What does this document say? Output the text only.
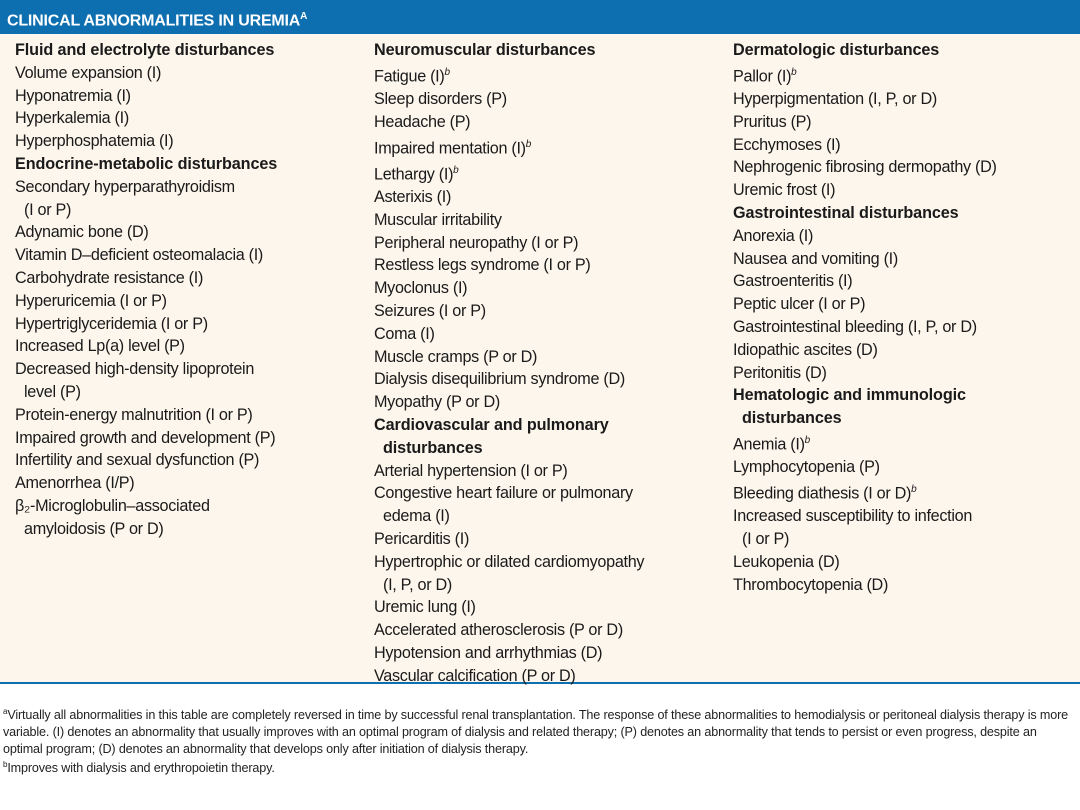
CLINICAL ABNORMALITIES IN $UREMIA^A$
Fluid and electrolyte disturbances
Volume expansion (I)
Hyponatremia (I)
Hyperkalemia (I)
Hyperphosphatemia (I)
Endocrine-metabolic disturbances
Secondary hyperparathyroidism
(I or P)
Adynamic bone (D)
Vitamin D–deficient osteomalacia (I)
Carbohydrate resistance (I)
Hyperuricemia (I or P)
Hypertriglyceridemia (I or P)
Increased Lp(a) level (P)
Decreased high-density lipoprotein
level (P)
Protein-energy malnutrition (I or P)
Impaired growth and development (P)
Infertility and sexual dysfunction (P)
Amenorrhea (I/P)
β₂-Microglobulin–associated
amyloidosis (P or D)
Neuromuscular disturbances
Fatigue $(I)^b$
Sleep disorders (P)
Headache (P)
Impaired mentation $(I)^b$
Lethargy $(I)^b$
Asterixis (I)
Muscular irritability
Peripheral neuropathy (I or P)
Restless legs syndrome (I or P)
Myoclonus (I)
Seizures (I or P)
Coma (I)
Muscle cramps (P or D)
Dialysis disequilibrium syndrome (D)
Myopathy (P or D)
Cardiovascular and pulmonary
disturbances
Arterial hypertension (I or P)
Congestive heart failure or pulmonary
edema (I)
Pericarditis (I)
Hypertrophic or dilated cardiomyopathy
(I, P, or D)
Uremic lung (I)
Accelerated atherosclerosis (P or D)
Hypotension and arrhythmias (D)
Vascular calcification (P or D)
Dermatologic disturbances
Pallor $(I)^b$
Hyperpigmentation (I, P, or D)
Pruritus (P)
Ecchymoses (I)
Nephrogenic fibrosing dermopathy (D)
Uremic frost (I)
Gastrointestinal disturbances
Anorexia (I)
Nausea and vomiting (I)
Gastroenteritis (I)
Peptic ulcer (I or P)
Gastrointestinal bleeding (I, P, or D)
Idiopathic ascites (D)
Peritonitis (D)
Hematologic and immunologic
disturbances
Anemia $(I)^b$
Lymphocytopenia (P)
Bleeding diathesis (I or D)$^b$
Increased susceptibility to infection
(I or P)
Leukopenia (D)
Thrombocytopenia (D)

$^a$Virtually all abnormalities in this table are completely reversed in time by successful renal transplantation. The response of these abnormalities to hemodialysis or peritoneal dialysis therapy is more variable. (I) denotes an abnormality that usually improves with an optimal program of dialysis and related therapy; (P) denotes an abnormality that tends to persist or even progress, despite an optimal program; (D) denotes an abnormality that develops only after initiation of dialysis therapy.

$^b$Improves with dialysis and erythropoietin therapy.
